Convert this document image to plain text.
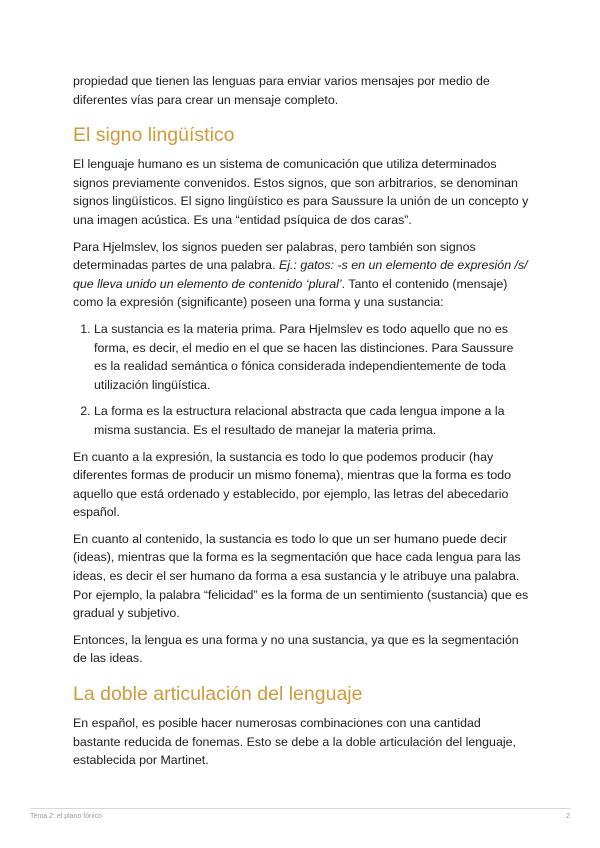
propiedad que tienen las lenguas para enviar varios mensajes por medio de diferentes vías para crear un mensaje completo.

El signo lingüístico

El lenguaje humano es un sistema de comunicación que utiliza determinados signos previamente convenidos. Estos signos, que son arbitrarios, se denominan signos lingüísticos. El signo lingüístico es para Saussure la unión de un concepto y una imagen acústica. Es una “entidad psíquica de dos caras”.

Para Hjelmslev, los signos pueden ser palabras, pero también son signos determinadas partes de una palabra. Ej.: gatos: -s en un elemento de expresión /s/ que lleva unido un elemento de contenido ‘plural’. Tanto el contenido (mensaje) como la expresión (significante) poseen una forma y una sustancia:

1. La sustancia es la materia prima. Para Hjelmslev es todo aquello que no es forma, es decir, el medio en el que se hacen las distinciones. Para Saussure es la realidad semántica o fónica considerada independientemente de toda utilización lingüística.
2. La forma es la estructura relacional abstracta que cada lengua impone a la misma sustancia. Es el resultado de manejar la materia prima.

En cuanto a la expresión, la sustancia es todo lo que podemos producir (hay diferentes formas de producir un mismo fonema), mientras que la forma es todo aquello que está ordenado y establecido, por ejemplo, las letras del abecedario español.

En cuanto al contenido, la sustancia es todo lo que un ser humano puede decir (ideas), mientras que la forma es la segmentación que hace cada lengua para las ideas, es decir el ser humano da forma a esa sustancia y le atribuye una palabra. Por ejemplo, la palabra “felicidad” es la forma de un sentimiento (sustancia) que es gradual y subjetivo.

Entonces, la lengua es una forma y no una sustancia, ya que es la segmentación de las ideas.

La doble articulación del lenguaje

En español, es posible hacer numerosas combinaciones con una cantidad bastante reducida de fonemas. Esto se debe a la doble articulación del lenguaje, establecida por Martinet.

Tema 2: el plano fónico	2
